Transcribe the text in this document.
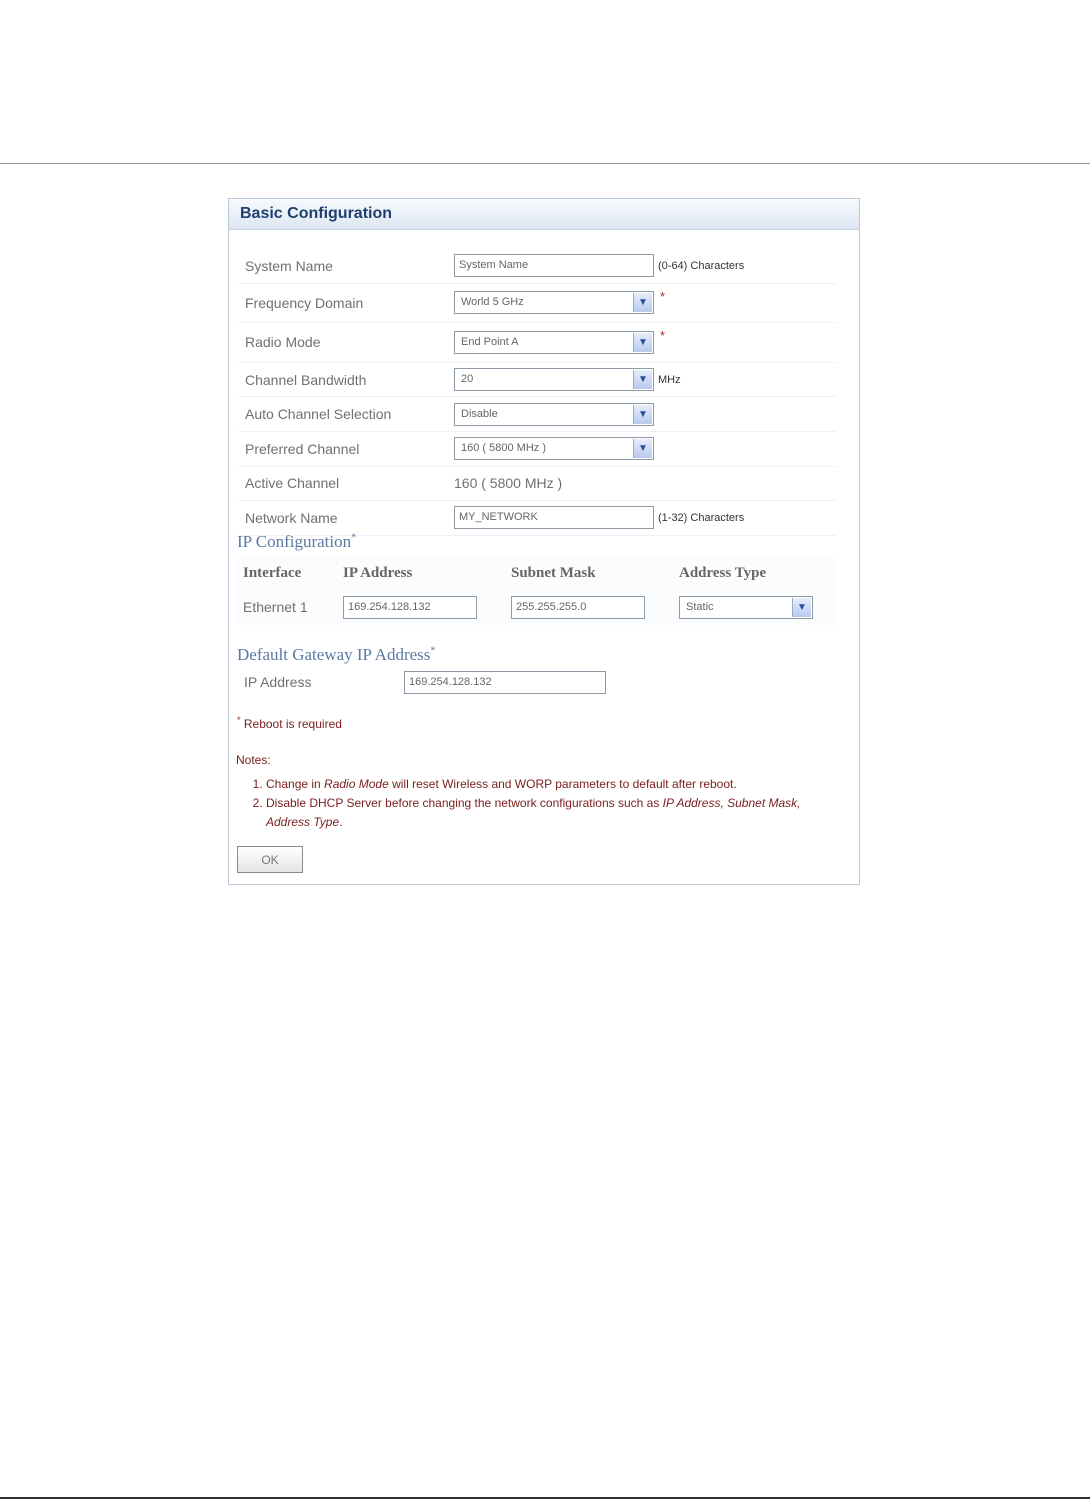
Basic Configuration
System Name	System Name	(0-64) Characters
Frequency Domain	World 5 GHz ▼	*
Radio Mode	End Point A ▼	*
Channel Bandwidth	20 ▼	MHz
Auto Channel Selection	Disable ▼	

Preferred Channel	160 ( 5800 MHz ) ▼	

Active Channel	160 ( 5800 MHz )	
Network Name	MY_NETWORK	(1-32) Characters
IP Configuration*
Interface	IP Address	Subnet Mask	Address Type
Ethernet 1	169.254.128.132	255.255.255.0	Static ▼
Default Gateway IP Address*
IP Address	169.254.128.132
* Reboot is required
Notes:
1. Change in Radio Mode will reset Wireless and WORP parameters to default after reboot.
2. Disable DHCP Server before changing the network configurations such as IP Address, Subnet Mask, Address Type.
OK
